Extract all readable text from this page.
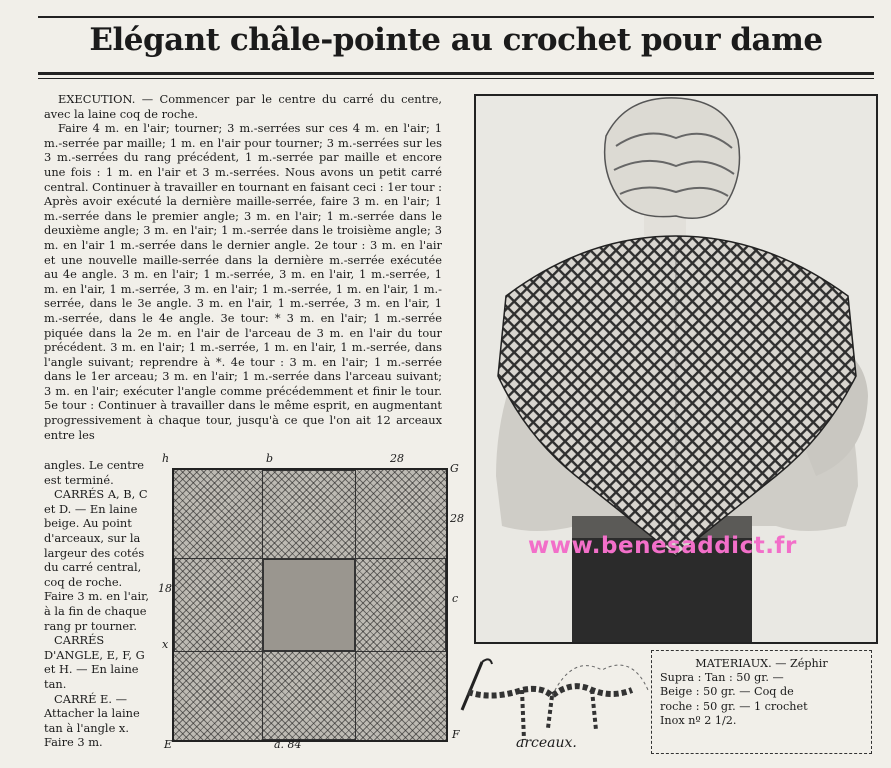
Elégant châle-pointe au crochet pour dame

EXECUTION. — Commencer par le centre du carré du centre, avec la laine coq de roche.

Faire 4 m. en l'air; tourner; 3 m.-serrées sur ces 4 m. en l'air; 1 m.-serrée par maille; 1 m. en l'air pour tourner; 3 m.-serrées sur les 3 m.-serrées du rang précédent, 1 m.-serrée par maille et encore une fois : 1 m. en l'air et 3 m.-serrées. Nous avons un petit carré central. Continuer à travailler en tournant en faisant ceci : 1er tour : Après avoir exécuté la dernière maille-serrée, faire 3 m. en l'air; 1 m.-serrée dans le premier angle; 3 m. en l'air; 1 m.-serrée dans le deuxième angle; 3 m. en l'air; 1 m.-serrée dans le troisième angle; 3 m. en l'air 1 m.-serrée dans le dernier angle. 2e tour : 3 m. en l'air et une nouvelle maille-serrée dans la dernière m.-serrée exécutée au 4e angle. 3 m. en l'air; 1 m.-serrée, 3 m. en l'air, 1 m.-serrée, 1 m. en l'air, 1 m.-serrée, 3 m. en l'air; 1 m.-serrée, 1 m. en l'air, 1 m.-serrée, dans le 3e angle. 3 m. en l'air, 1 m.-serrée, 3 m. en l'air, 1 m.-serrée, dans le 4e angle. 3e tour: * 3 m. en l'air; 1 m.-serrée piquée dans la 2e m. en l'air de l'arceau de 3 m. en l'air du tour précédent. 3 m. en l'air; 1 m.-serrée, 1 m. en l'air, 1 m.-serrée, dans l'angle suivant; reprendre à *. 4e tour : 3 m. en l'air; 1 m.-serrée dans le 1er arceau; 3 m. en l'air; 1 m.-serrée dans l'arceau suivant; 3 m. en l'air; exécuter l'angle comme précédemment et finir le tour. 5e tour : Continuer à travailler dans le même esprit, en augmentant progressivement à chaque tour, jusqu'à ce que l'on ait 12 arceaux entre les

angles. Le centre est terminé.

CARRÉS A, B, C et D. — En laine beige. Au point d'arceaux, sur la largeur des cotés du carré central, coq de roche. Faire 3 m. en l'air, à la fin de chaque rang pr tourner.

CARRÉS D'ANGLE, E, F, G et H. — En laine tan.

CARRÉ E. — Attacher la laine tan à l'angle x. Faire 3 m.

h	b	28
G
18
x
28
c
E	a. 84
F
www.benesaddict.fr
arceaux.
MATERIAUX. — Zéphir
Supra : Tan : 50 gr. —
Beige : 50 gr. — Coq de
roche : 50 gr. — 1 crochet
Inox nº 2 1/2.
